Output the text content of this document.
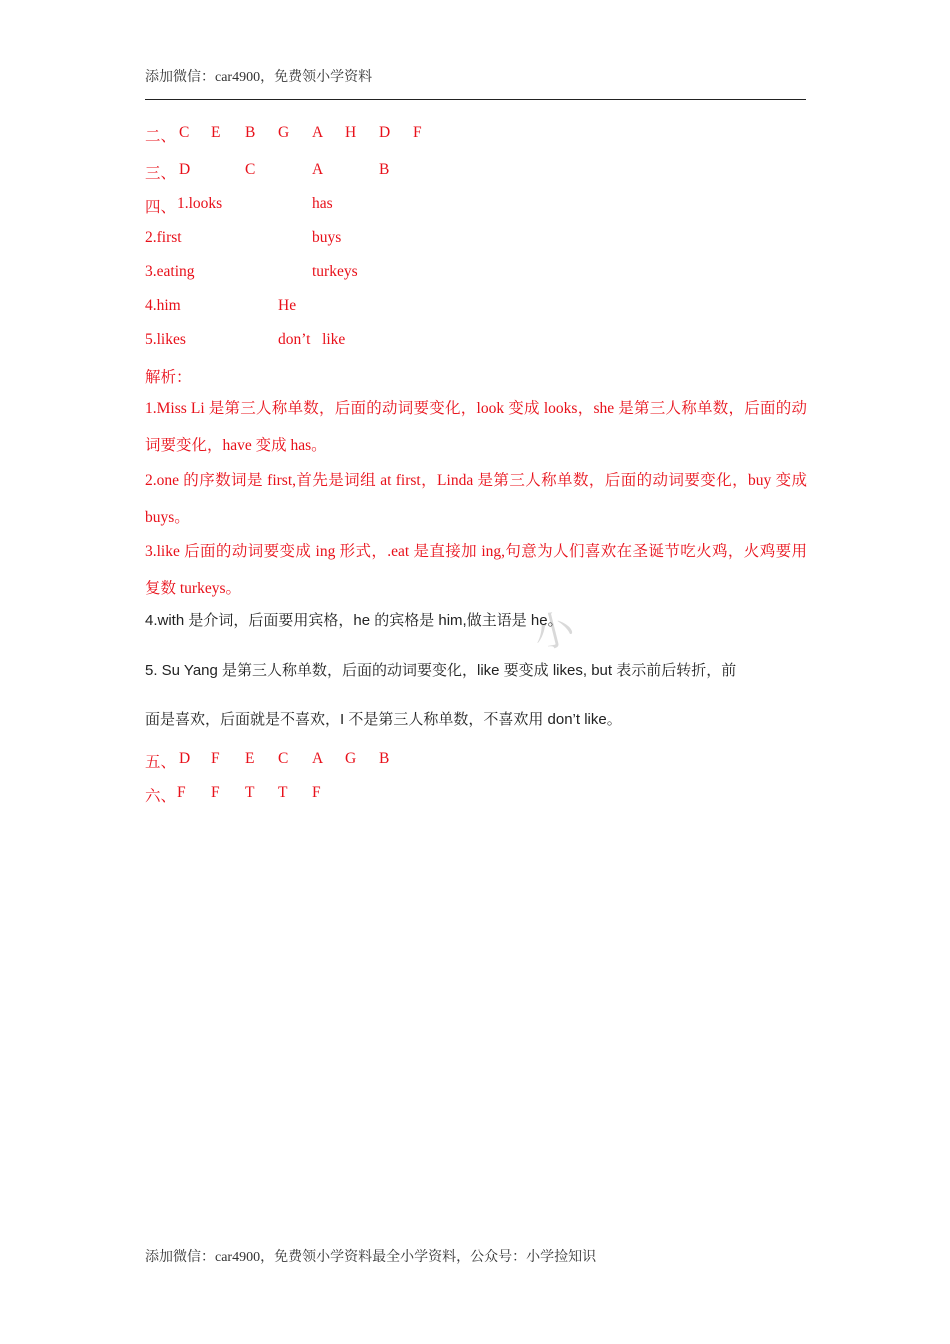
添加微信：car4900，免费领小学资料
二、 C E B G A H D F
三、 D	C	A	B
四、 1.looks	has
2.first	buys
3.eating	turkeys
4.him	He
5.likes	don’t   like
解析：
1.Miss Li 是第三人称单数，后面的动词要变化，look 变成 looks，she 是第三人称单数，后面的动词要变化，have 变成 has。
2.one 的序数词是 first,首先是词组 at first，Linda 是第三人称单数，后面的动词要变化，buy 变成 buys。
3.like 后面的动词要变成 ing 形式，.eat 是直接加 ing,句意为人们喜欢在圣诞节吃火鸡，火鸡要用复数 turkeys。
小
4.with 是介词，后面要用宾格，he 的宾格是 him,做主语是 he。
5. Su Yang 是第三人称单数，后面的动词要变化，like 要变成 likes, but 表示前后转折，前
面是喜欢，后面就是不喜欢，I 不是第三人称单数，不喜欢用 don’t like。
五、 D F E C A G B
六、 F F T T F
添加微信：car4900，免费领小学资料最全小学资料，公众号：小学捡知识
